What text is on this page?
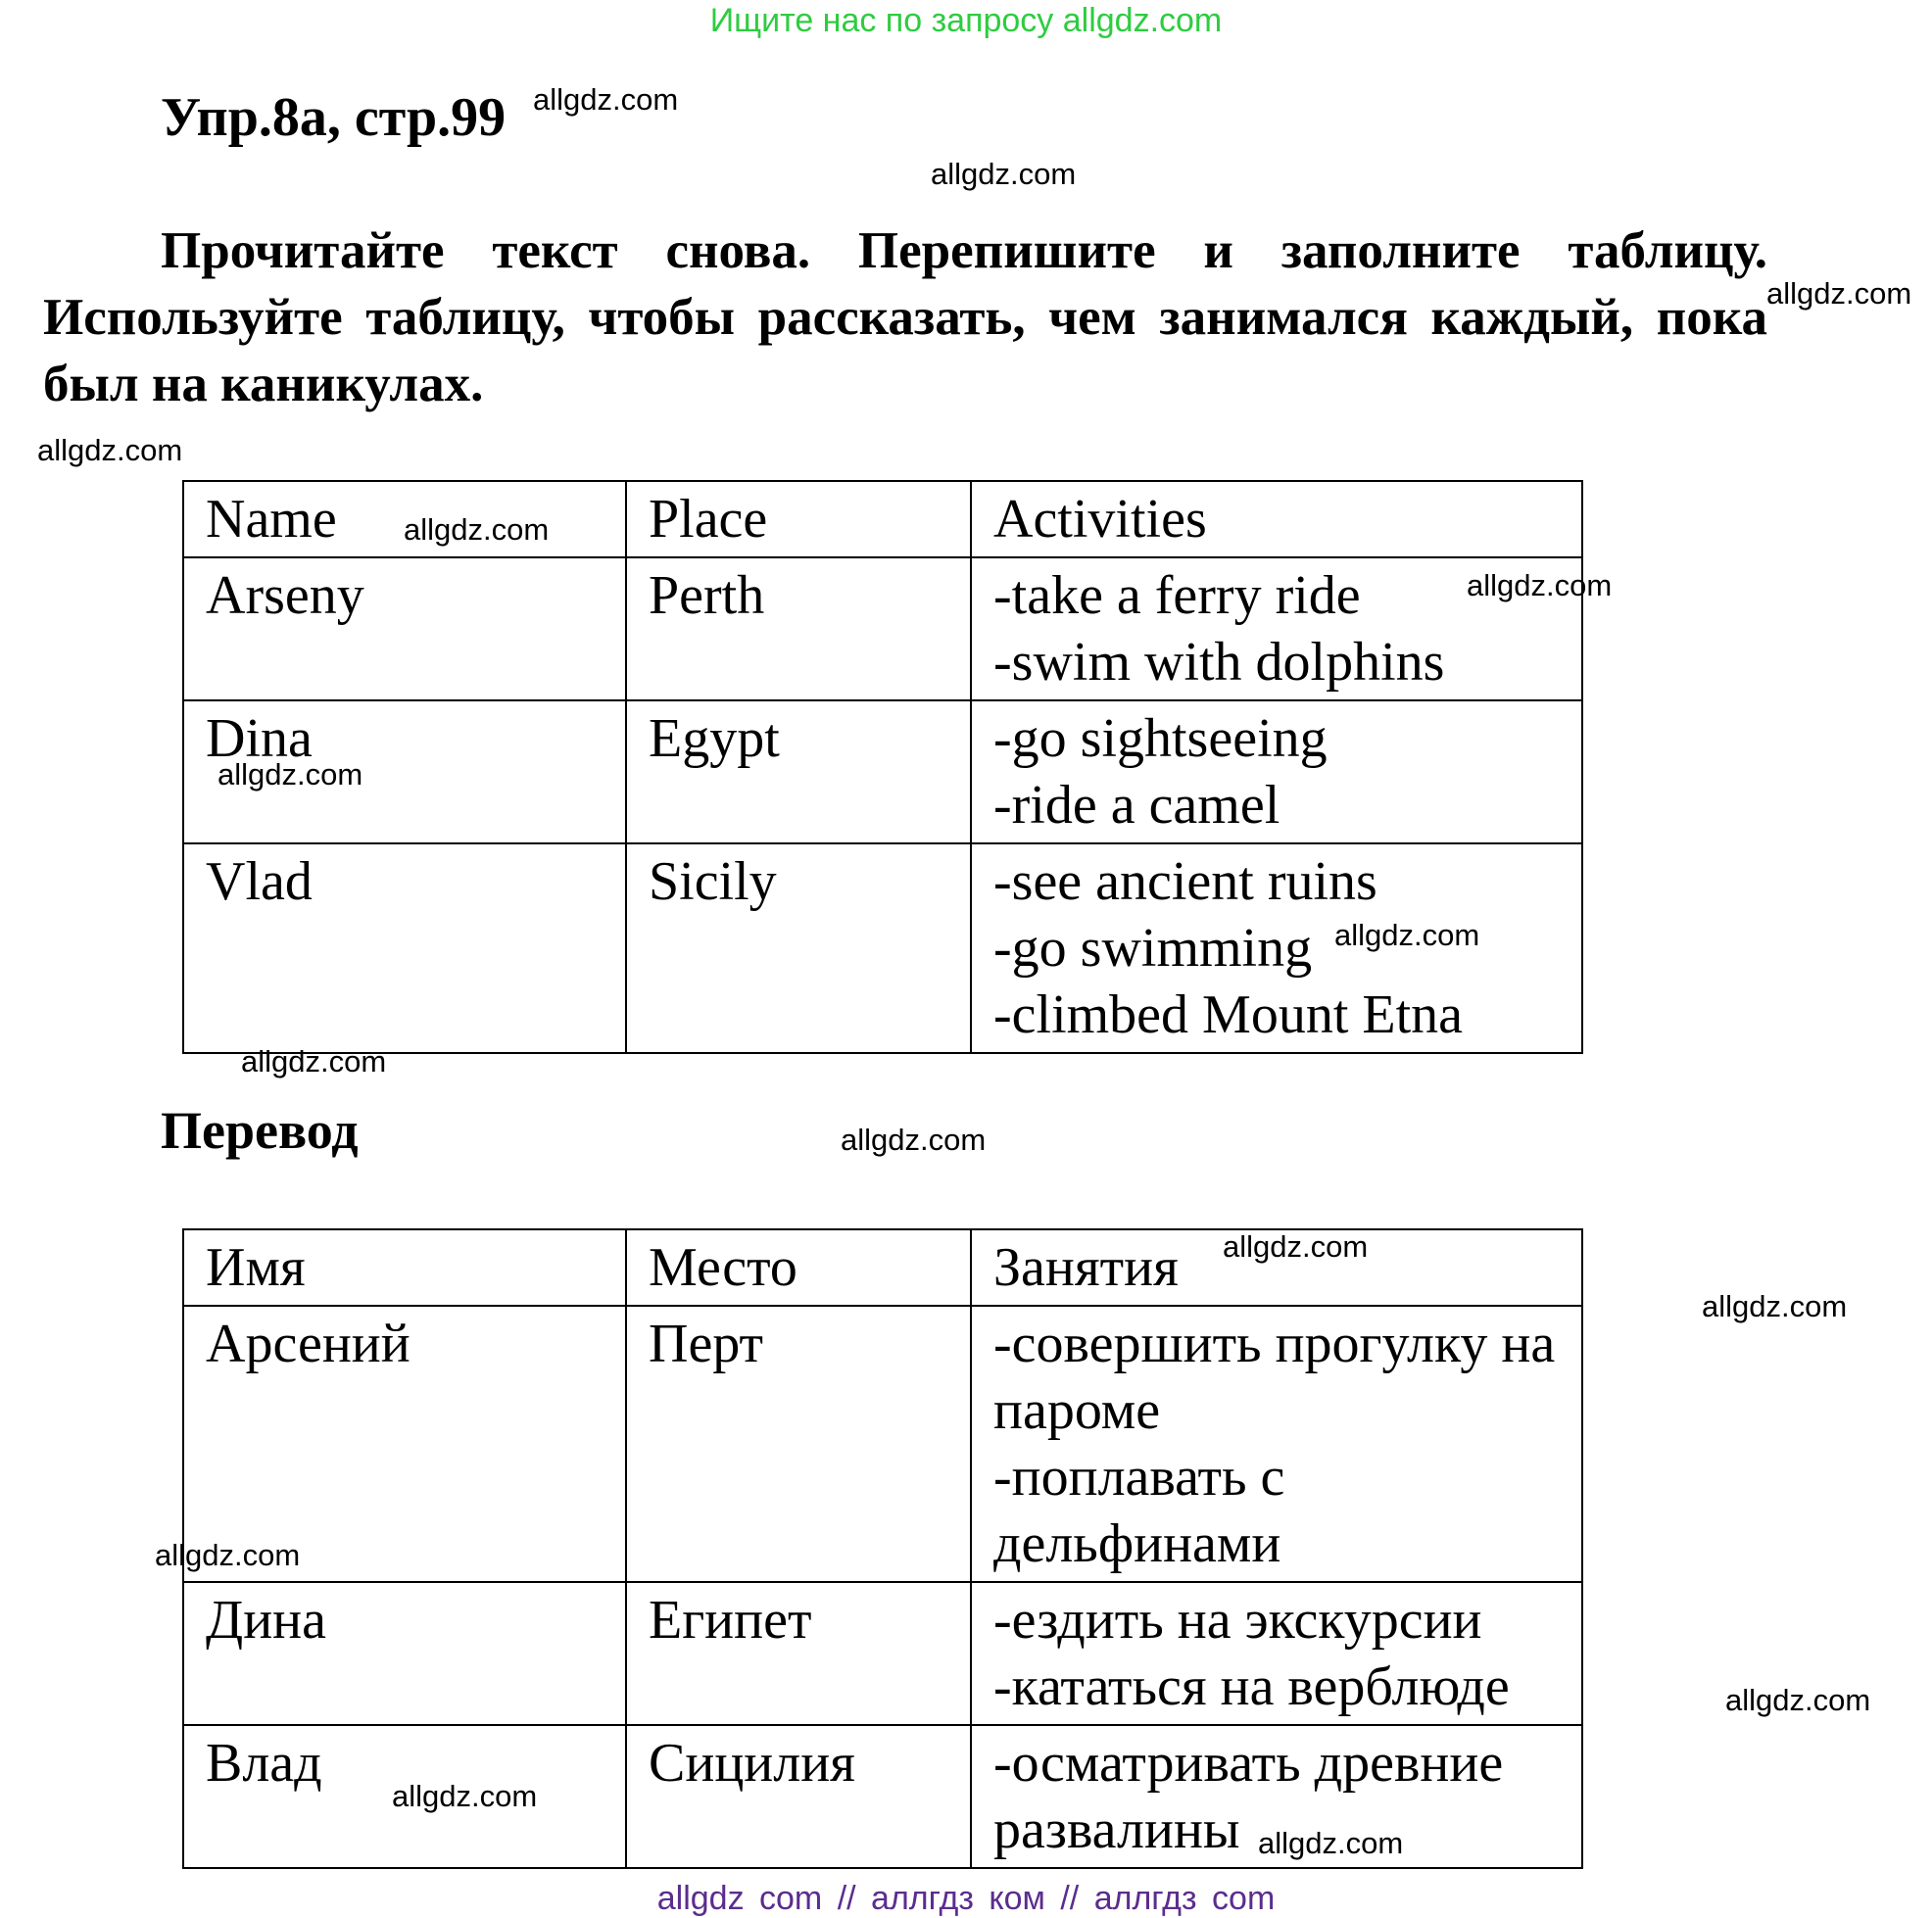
Ищите нас по запросу allgdz.com
Упр.8а, стр.99

Прочитайте текст снова. Перепишите и заполните таблицу. Используйте таблицу, чтобы рассказать, чем занимался каждый, пока был на каникулах.

Name	Place	Activities
Arseny	Perth	-take a ferry ride
-swim with dolphins

Dina	Egypt	-go sightseeing
-ride a camel

Vlad	Sicily	-see ancient ruins
-go swimming
-climbed Mount Etna
Перевод
Имя	Место	Занятия
Арсений	Перт	-совершить прогулку на пароме
-поплавать с дельфинами

Дина	Египет	-ездить на экскурсии
-кататься на верблюде

Влад	Сицилия	-осматривать древние развалины
allgdz.com
allgdz.com
allgdz.com
allgdz.com
allgdz.com
allgdz.com
allgdz.com
allgdz.com
allgdz.com
allgdz.com
allgdz.com
allgdz.com
allgdz.com
allgdz.com
allgdz.com
allgdz.com
allgdz com // аллгдз ком // аллгдз com
